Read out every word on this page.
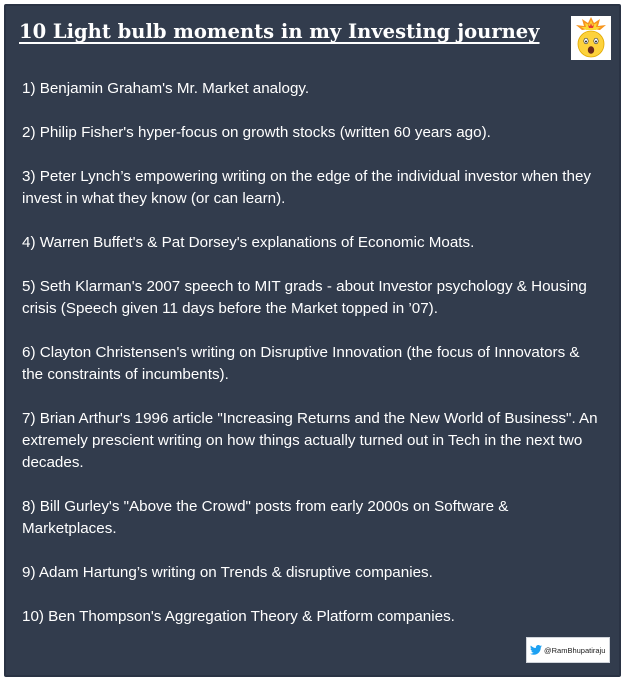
10 Light bulb moments in my Investing journey
1) Benjamin Graham's Mr. Market analogy.
2) Philip Fisher's hyper-focus on growth stocks (written 60 years ago).
3) Peter Lynch’s empowering writing on the edge of the individual investor when they invest in what they know (or can learn).
4) Warren Buffet's & Pat Dorsey's explanations of Economic Moats.
5) Seth Klarman's 2007 speech to MIT grads - about Investor psychology & Housing crisis (Speech given 11 days before the Market topped in ’07).
6) Clayton Christensen's writing on Disruptive Innovation (the focus of Innovators & the constraints of incumbents).
7) Brian Arthur's 1996 article "Increasing Returns and the New World of Business". An extremely prescient writing on how things actually turned out in Tech in the next two decades.
8) Bill Gurley's "Above the Crowd" posts from early 2000s on Software & Marketplaces.
9) Adam Hartung’s writing on Trends & disruptive companies.
10) Ben Thompson's Aggregation Theory & Platform companies.
@RamBhupatiraju
